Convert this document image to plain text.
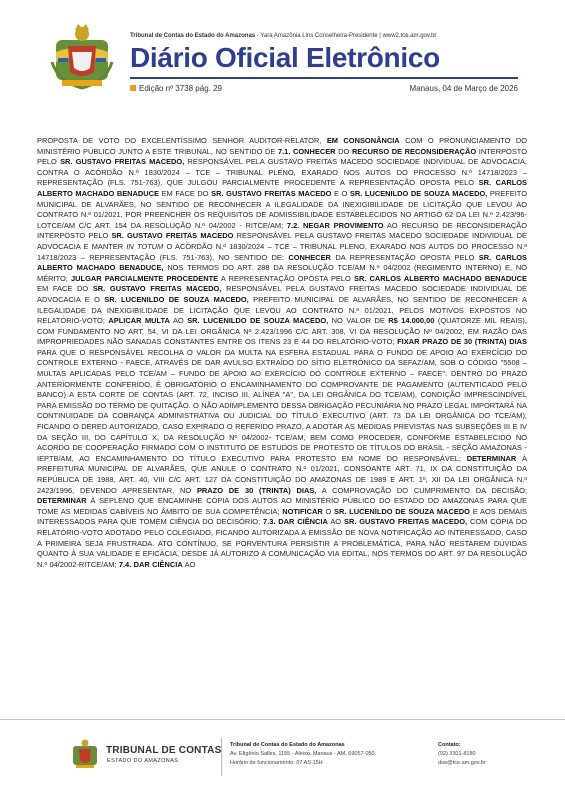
Tribunal de Contas do Estado do Amazonas - Yara Amazônia Lins Conselheira-Presidente | www2.tce.am.gov.br
Diário Oficial Eletrônico
Edição nº 3738 pág. 29	Manaus, 04 de Março de 2026
PROPOSTA DE VOTO DO EXCELENTÍSSIMO SENHOR AUDITOR-RELATOR, EM CONSONÂNCIA COM O PRONUNCIAMENTO DO MINISTÉRIO PÚBLICO JUNTO A ESTE TRIBUNAL, NO SENTIDO DE 7.1. CONHECER DO RECURSO DE RECONSIDERAÇÃO INTERPOSTO PELO SR. GUSTAVO FREITAS MACEDO, RESPONSÁVEL PELA GUSTAVO FREITAS MACEDO SOCIEDADE INDIVIDUAL DE ADVOCACIA, CONTRA O ACÓRDÃO N.º 1830/2024 – TCE – TRIBUNAL PLENO, EXARADO NOS AUTOS DO PROCESSO N.º 14718/2023 – REPRESENTAÇÃO (FLS. 751-763), QUE JULGOU PARCIALMENTE PROCEDENTE A REPRESENTAÇÃO OPOSTA PELO SR. CARLOS ALBERTO MACHADO BENADUCE EM FACE DO SR. GUSTAVO FREITAS MACEDO E O SR. LUCENILDO DE SOUZA MACEDO, PREFEITO MUNICIPAL DE ALVARÃES, NO SENTIDO DE RECONHECER A ILEGALIDADE DA INEXIGIBILIDADE DE LICITAÇÃO QUE LEVOU AO CONTRATO N.º 01/2021, POR PREENCHER OS REQUISITOS DE ADMISSIBILIDADE ESTABELECIDOS NO ARTIGO 62 DA LEI N.º 2.423/96-LOTCE/AM C/C ART. 154 DA RESOLUÇÃO N.º 04/2002 - RITCE/AM; 7.2. NEGAR PROVIMENTO AO RECURSO DE RECONSIDERAÇÃO INTERPOSTO PELO SR. GUSTAVO FREITAS MACEDO RESPONSÁVEL PELA GUSTAVO FREITAS MACEDO SOCIEDADE INDIVIDUAL DE ADVOCACIA E MANTER IN TOTUM O ACÓRDÃO N.º 1830/2024 – TCE – TRIBUNAL PLENO, EXARADO NOS AUTOS DO PROCESSO N.º 14718/2023 – REPRESENTAÇÃO (FLS. 751-763), NO SENTIDO DE: CONHECER DA REPRESENTAÇÃO OPOSTA PELO SR. CARLOS ALBERTO MACHADO BENADUCE, NOS TERMOS DO ART. 288 DA RESOLUÇÃO TCE/AM N.º 04/2002 (REGIMENTO INTERNO) E, NO MÉRITO; JULGAR PARCIALMENTE PROCEDENTE A REPRESENTAÇÃO OPOSTA PELO SR. CARLOS ALBERTO MACHADO BENADUCE EM FACE DO SR. GUSTAVO FREITAS MACEDO, RESPONSÁVEL PELA GUSTAVO FREITAS MACEDO SOCIEDADE INDIVIDUAL DE ADVOCACIA E O SR. LUCENILDO DE SOUZA MACEDO, PREFEITO MUNICIPAL DE ALVARÃES, NO SENTIDO DE RECONHECER A ILEGALIDADE DA INEXIGIBILIDADE DE LICITAÇÃO QUE LEVOU AO CONTRATO N.º 01/2021, PELOS MOTIVOS EXPOSTOS NO RELATÓRIO-VOTO; APLICAR MULTA AO SR. LUCENILDO DE SOUZA MACEDO, NO VALOR DE R$ 14.000,00 (QUATORZE MIL REAIS), COM FUNDAMENTO NO ART. 54, VI DA LEI ORGÂNICA Nº 2.423/1996 C/C ART. 308, VI DA RESOLUÇÃO Nº 04/2002, EM RAZÃO DAS IMPROPRIEDADES NÃO SANADAS CONSTANTES ENTRE OS ITENS 23 E 44 DO RELATÓRIO-VOTO; FIXAR PRAZO DE 30 (TRINTA) DIAS PARA QUE O RESPONSÁVEL RECOLHA O VALOR DA MULTA NA ESFERA ESTADUAL PARA O FUNDO DE APOIO AO EXERCÍCIO DO CONTROLE EXTERNO - FAECE, ATRAVÉS DE DAR AVULSO EXTRAÍDO DO SÍTIO ELETRÔNICO DA SEFAZ/AM, SOB O CÓDIGO "5508 – MULTAS APLICADAS PELO TCE/AM – FUNDO DE APOIO AO EXERCÍCIO DO CONTROLE EXTERNO – FAECE". DENTRO DO PRAZO ANTERIORMENTE CONFERIDO, É OBRIGATÓRIO O ENCAMINHAMENTO DO COMPROVANTE DE PAGAMENTO (AUTENTICADO PELO BANCO) A ESTA CORTE DE CONTAS (ART. 72, INCISO III, ALÍNEA "A", DA LEI ORGÂNICA DO TCE/AM), CONDIÇÃO IMPRESCINDÍVEL PARA EMISSÃO DO TERMO DE QUITAÇÃO. O NÃO ADIMPLEMENTO DESSA OBRIGAÇÃO PECUNIÁRIA NO PRAZO LEGAL IMPORTARÁ NA CONTINUIDADE DA COBRANÇA ADMINISTRATIVA OU JUDICIAL DO TÍTULO EXECUTIVO (ART. 73 DA LEI ORGÂNICA DO TCE/AM), FICANDO O DERED AUTORIZADO, CASO EXPIRADO O REFERIDO PRAZO, A ADOTAR AS MEDIDAS PREVISTAS NAS SUBSEÇÕES III E IV DA SEÇÃO III, DO CAPÍTULO X, DA RESOLUÇÃO Nº 04/2002- TCE/AM, BEM COMO PROCEDER, CONFORME ESTABELECIDO NO ACORDO DE COOPERAÇÃO FIRMADO COM O INSTITUTO DE ESTUDOS DE PROTESTO DE TÍTULOS DO BRASIL - SEÇÃO AMAZONAS - IEPTB/AM, AO ENCAMINHAMENTO DO TÍTULO EXECUTIVO PARA PROTESTO EM NOME DO RESPONSÁVEL; DETERMINAR À PREFEITURA MUNICIPAL DE ALVARÃES, QUE ANULE O CONTRATO N.º 01/2021, CONSOANTE ART. 71, IX DA CONSTITUIÇÃO DA REPÚBLICA DE 1988, ART. 40, VIII C/C ART. 127 DA CONSTITUIÇÃO DO AMAZONAS DE 1989 E ART. 1º, XII DA LEI ORGÂNICA N.º 2423/1996, DEVENDO APRESENTAR, NO PRAZO DE 30 (TRINTA) DIAS, A COMPROVAÇÃO DO CUMPRIMENTO DA DECISÃO; DETERMINAR À SEPLENO QUE ENCAMINHE CÓPIA DOS AUTOS AO MINISTÉRIO PÚBLICO DO ESTADO DO AMAZONAS PARA QUE TOME AS MEDIDAS CABÍVEIS NO ÂMBITO DE SUA COMPETÊNCIA; NOTIFICAR O SR. LUCENILDO DE SOUZA MACEDO E AOS DEMAIS INTERESSADOS PARA QUE TOMEM CIÊNCIA DO DECISÓRIO; 7.3. DAR CIÊNCIA AO SR. GUSTAVO FREITAS MACEDO, COM CÓPIA DO RELATÓRIO-VOTO ADOTADO PELO COLEGIADO, FICANDO AUTORIZADA A EMISSÃO DE NOVA NOTIFICAÇÃO AO INTERESSADO, CASO A PRIMEIRA SEJA FRUSTRADA. ATO CONTÍNUO, SE PORVENTURA PERSISTIR A PROBLEMÁTICA, PARA NÃO RESTAREM DÚVIDAS QUANTO À SUA VALIDADE E EFICÁCIA, DESDE JÁ AUTORIZO A COMUNICAÇÃO VIA EDITAL, NOS TERMOS DO ART. 97 DA RESOLUÇÃO N.º 04/2002-RITCE/AM; 7.4. DAR CIÊNCIA AO
TRIBUNAL DE CONTAS
ESTADO DO AMAZONAS
Tribunal de Contas do Estado do Amazonas
Av. Efigênio Salles, 1155 - Aleixo, Manaus - AM, 69057-050.
Horário de funcionamento: 07 AS 15H
Contato:
(92) 3301-8180
doe@tce.am.gov.br
